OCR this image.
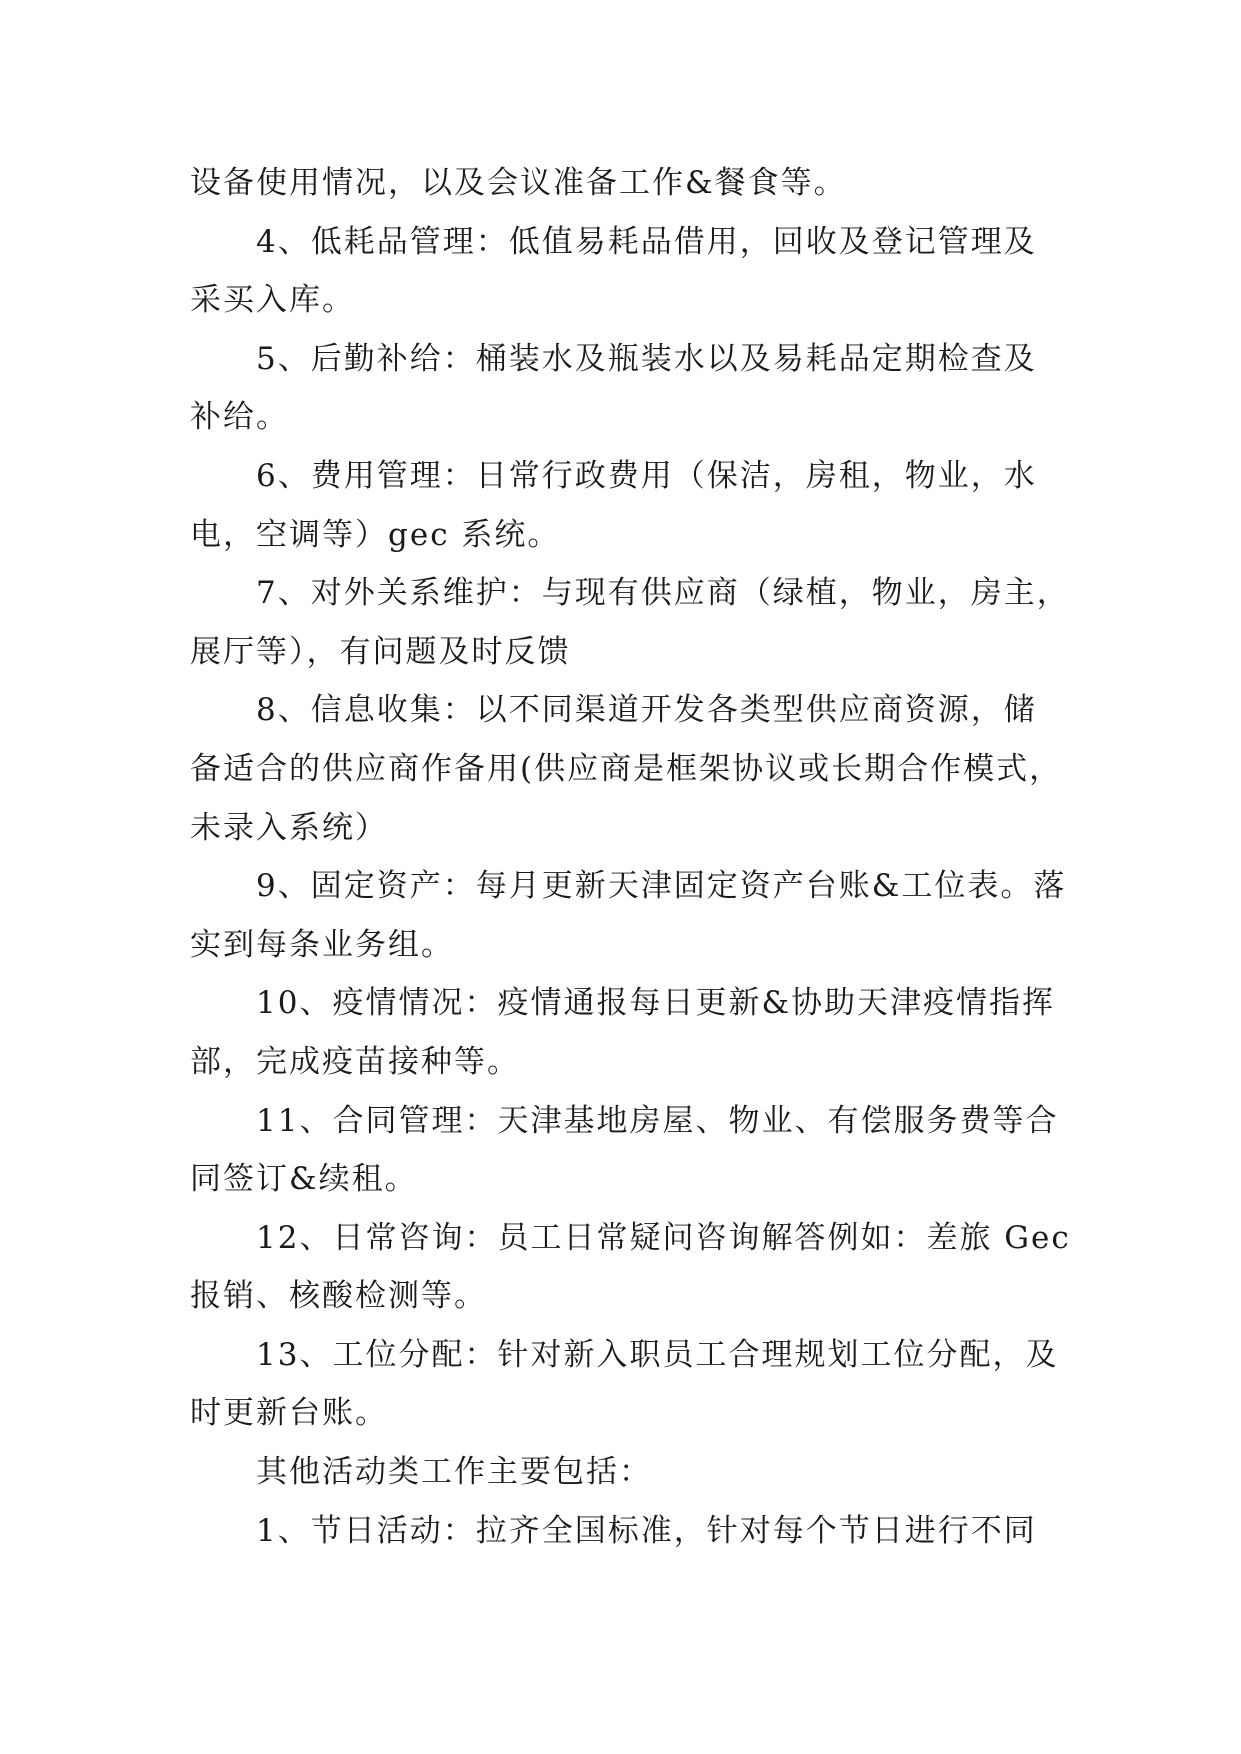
设备使用情况，以及会议准备工作&餐食等。

4、低耗品管理：低值易耗品借用，回收及登记管理及
采买入库。

5、后勤补给：桶装水及瓶装水以及易耗品定期检查及
补给。

6、费用管理：日常行政费用（保洁，房租，物业，水
电，空调等）gec 系统。

7、对外关系维护：与现有供应商（绿植，物业，房主，
展厅等），有问题及时反馈

8、信息收集：以不同渠道开发各类型供应商资源，储
备适合的供应商作备用(供应商是框架协议或长期合作模式，
未录入系统）

9、固定资产：每月更新天津固定资产台账&工位表。落
实到每条业务组。

10、疫情情况：疫情通报每日更新&协助天津疫情指挥
部，完成疫苗接种等。

11、合同管理：天津基地房屋、物业、有偿服务费等合
同签订&续租。

12、日常咨询：员工日常疑问咨询解答例如：差旅 Gec
报销、核酸检测等。

13、工位分配：针对新入职员工合理规划工位分配，及
时更新台账。

其他活动类工作主要包括：

1、节日活动：拉齐全国标准，针对每个节日进行不同
